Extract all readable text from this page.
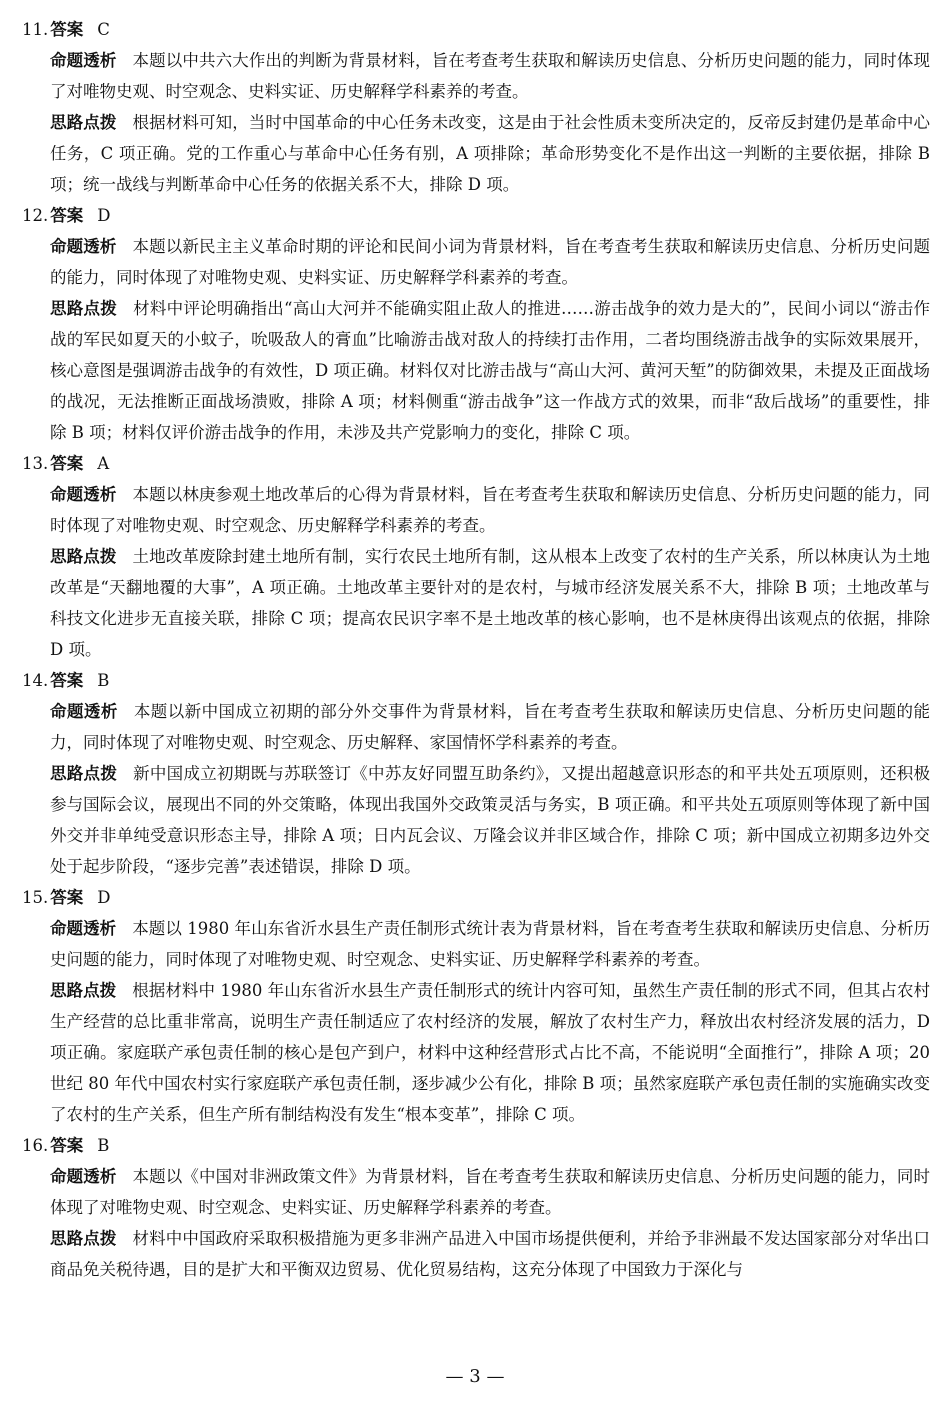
11. 答案 C

命题透析 本题以中共六大作出的判断为背景材料，旨在考查考生获取和解读历史信息、分析历史问题的能力，同时体现了对唯物史观、时空观念、史料实证、历史解释学科素养的考查。

思路点拨 根据材料可知，当时中国革命的中心任务未改变，这是由于社会性质未变所决定的，反帝反封建仍是革命中心任务，C 项正确。党的工作重心与革命中心任务有别，A 项排除；革命形势变化不是作出这一判断的主要依据，排除 B 项；统一战线与判断革命中心任务的依据关系不大，排除 D 项。

12. 答案 D

命题透析 本题以新民主主义革命时期的评论和民间小词为背景材料，旨在考查考生获取和解读历史信息、分析历史问题的能力，同时体现了对唯物史观、史料实证、历史解释学科素养的考查。

思路点拨 材料中评论明确指出“高山大河并不能确实阻止敌人的推进……游击战争的效力是大的”，民间小词以“游击作战的军民如夏天的小蚊子，吮吸敌人的膏血”比喻游击战对敌人的持续打击作用，二者均围绕游击战争的实际效果展开，核心意图是强调游击战争的有效性，D 项正确。材料仅对比游击战与“高山大河、黄河天堑”的防御效果，未提及正面战场的战况，无法推断正面战场溃败，排除 A 项；材料侧重“游击战争”这一作战方式的效果，而非“敌后战场”的重要性，排除 B 项；材料仅评价游击战争的作用，未涉及共产党影响力的变化，排除 C 项。

13. 答案 A

命题透析 本题以林庚参观土地改革后的心得为背景材料，旨在考查考生获取和解读历史信息、分析历史问题的能力，同时体现了对唯物史观、时空观念、历史解释学科素养的考查。

思路点拨 土地改革废除封建土地所有制，实行农民土地所有制，这从根本上改变了农村的生产关系，所以林庚认为土地改革是“天翻地覆的大事”，A 项正确。土地改革主要针对的是农村，与城市经济发展关系不大，排除 B 项；土地改革与科技文化进步无直接关联，排除 C 项；提高农民识字率不是土地改革的核心影响，也不是林庚得出该观点的依据，排除 D 项。

14. 答案 B

命题透析 本题以新中国成立初期的部分外交事件为背景材料，旨在考查考生获取和解读历史信息、分析历史问题的能力，同时体现了对唯物史观、时空观念、历史解释、家国情怀学科素养的考查。

思路点拨 新中国成立初期既与苏联签订《中苏友好同盟互助条约》，又提出超越意识形态的和平共处五项原则，还积极参与国际会议，展现出不同的外交策略，体现出我国外交政策灵活与务实，B 项正确。和平共处五项原则等体现了新中国外交并非单纯受意识形态主导，排除 A 项；日内瓦会议、万隆会议并非区域合作，排除 C 项；新中国成立初期多边外交处于起步阶段，“逐步完善”表述错误，排除 D 项。

15. 答案 D

命题透析 本题以 1980 年山东省沂水县生产责任制形式统计表为背景材料，旨在考查考生获取和解读历史信息、分析历史问题的能力，同时体现了对唯物史观、时空观念、史料实证、历史解释学科素养的考查。

思路点拨 根据材料中 1980 年山东省沂水县生产责任制形式的统计内容可知，虽然生产责任制的形式不同，但其占农村生产经营的总比重非常高，说明生产责任制适应了农村经济的发展，解放了农村生产力，释放出农村经济发展的活力，D 项正确。家庭联产承包责任制的核心是包产到户，材料中这种经营形式占比不高，不能说明“全面推行”，排除 A 项；20 世纪 80 年代中国农村实行家庭联产承包责任制，逐步减少公有化，排除 B 项；虽然家庭联产承包责任制的实施确实改变了农村的生产关系，但生产所有制结构没有发生“根本变革”，排除 C 项。

16. 答案 B

命题透析 本题以《中国对非洲政策文件》为背景材料，旨在考查考生获取和解读历史信息、分析历史问题的能力，同时体现了对唯物史观、时空观念、史料实证、历史解释学科素养的考查。

思路点拨 材料中中国政府采取积极措施为更多非洲产品进入中国市场提供便利，并给予非洲最不发达国家部分对华出口商品免关税待遇，目的是扩大和平衡双边贸易、优化贸易结构，这充分体现了中国致力于深化与

— 3 —
